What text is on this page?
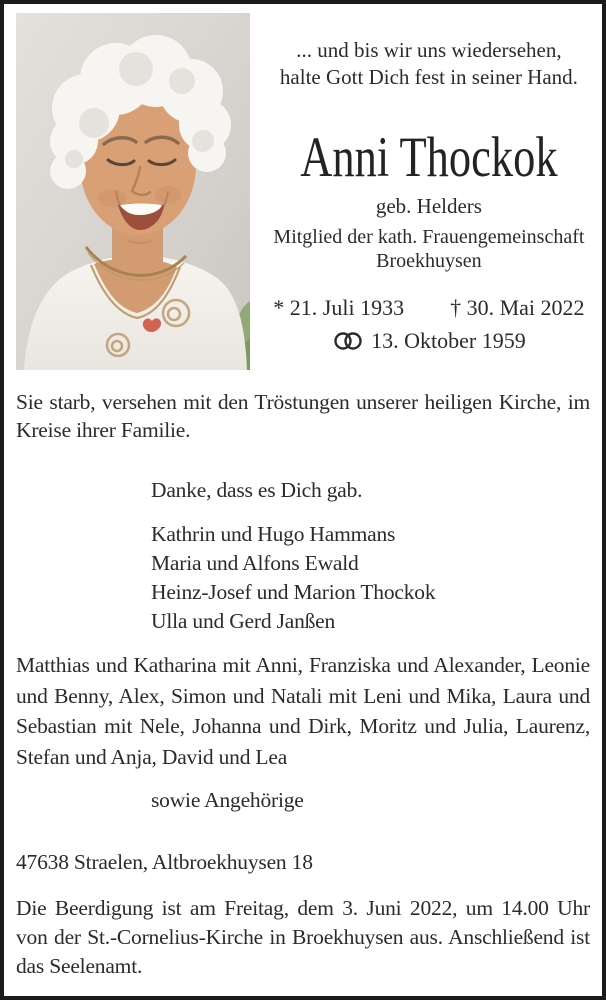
... und bis wir uns wiedersehen,
halte Gott Dich fest in seiner Hand.
Anni Thockok
geb. Helders
Mitglied der kath. Frauengemeinschaft
Broekhuysen
* 21. Juli 1933 † 30. Mai 2022
13. Oktober 1959
Sie starb, versehen mit den Tröstungen unserer heiligen Kirche, im Kreise ihrer Familie.
Danke, dass es Dich gab.
Kathrin und Hugo Hammans
Maria und Alfons Ewald
Heinz-Josef und Marion Thockok
Ulla und Gerd Janßen
Matthias und Katharina mit Anni, Franziska und Alexander, Leonie und Benny, Alex, Simon und Natali mit Leni und Mika, Laura und Sebastian mit Nele, Johanna und Dirk, Moritz und Julia, Laurenz, Stefan und Anja, David und Lea
sowie Angehörige
47638 Straelen, Altbroekhuysen 18
Die Beerdigung ist am Freitag, dem 3. Juni 2022, um 14.00 Uhr von der St.-Cornelius-Kirche in Broekhuysen aus. Anschließend ist das Seelenamt.
